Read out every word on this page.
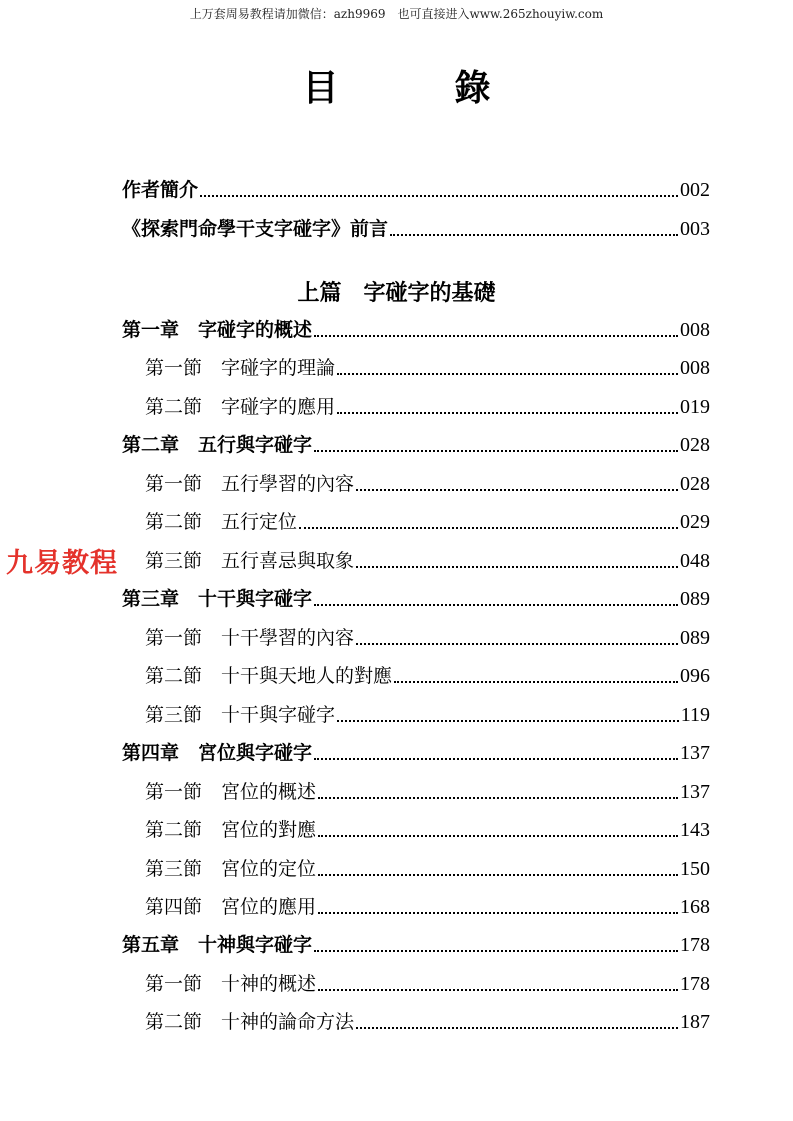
上万套周易教程请加微信：azh9969　也可直接进入www.265zhouyiw.com
目　錄
作者簡介	002
《探索門命學干支字碰字》前言	003
上篇　字碰字的基礎
第一章　字碰字的概述	008
第一節　字碰字的理論	008
第二節　字碰字的應用	019
第二章　五行與字碰字	028
第一節　五行學習的內容	028
第二節　五行定位	029
第三節　五行喜忌與取象	048
第三章　十干與字碰字	089
第一節　十干學習的內容	089
第二節　十干與天地人的對應	096
第三節　十干與字碰字	119
第四章　宮位與字碰字	137
第一節　宮位的概述	137
第二節　宮位的對應	143
第三節　宮位的定位	150
第四節　宮位的應用	168
第五章　十神與字碰字	178
第一節　十神的概述	178
第二節　十神的論命方法	187
九易教程
